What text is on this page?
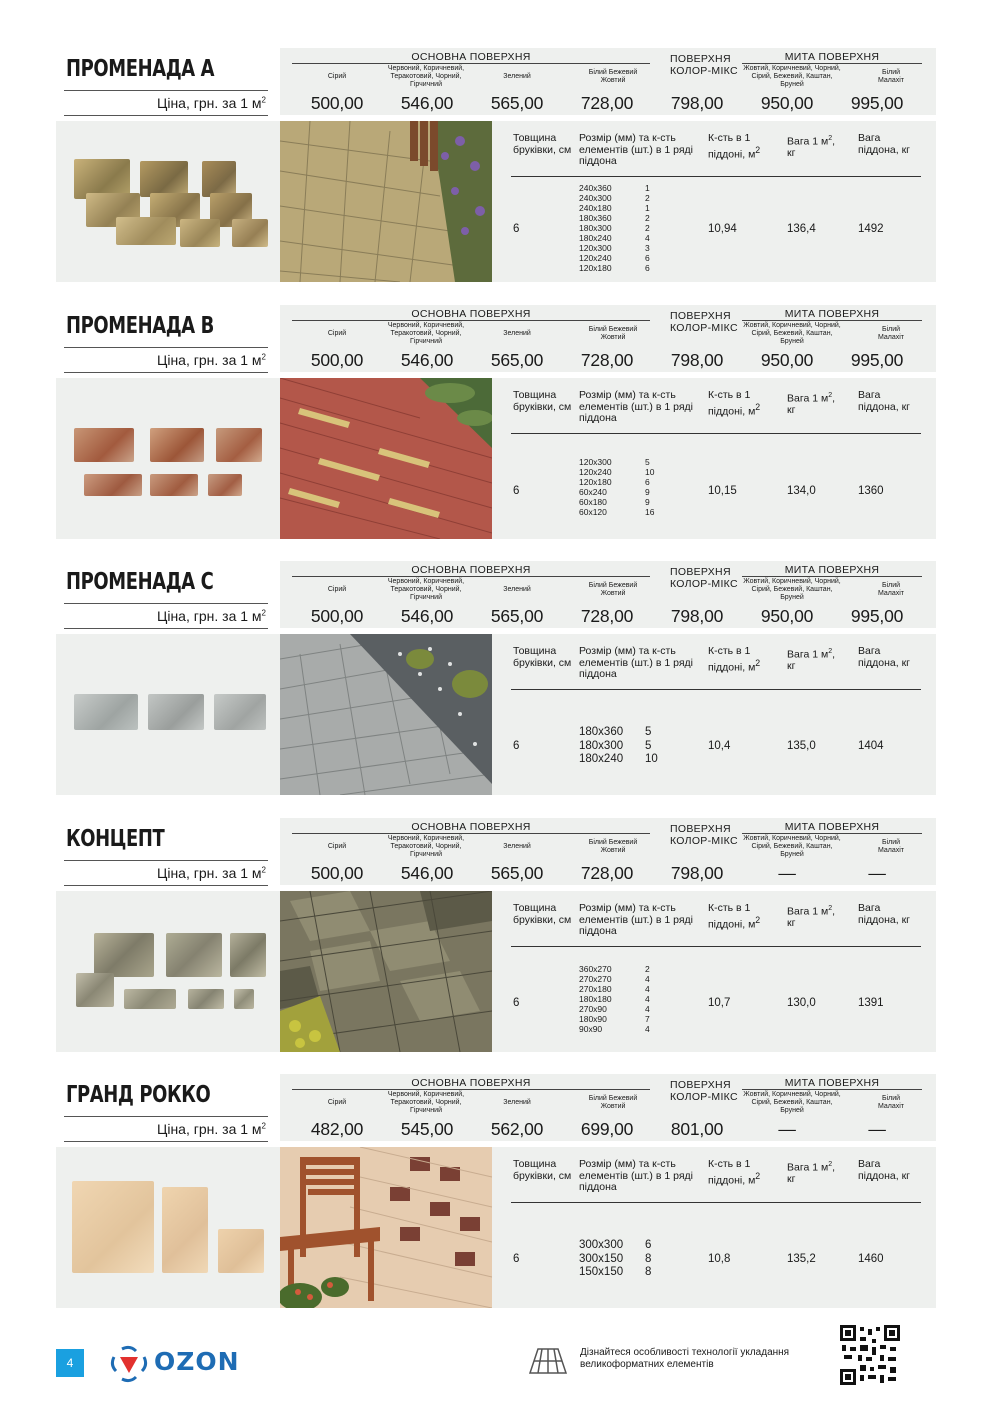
ПРОМЕНАДА А
Ціна, грн. за 1 $м^2$
ОСНОВНА ПОВЕРХНЯ
Сірий
Червоний, Коричневий, Теракотовий, Чорний, Гірчичний
Зелений
Білий Бежевий Жовтий
ПОВЕРХНЯ КОЛОР-МІКС
МИТА ПОВЕРХНЯ
Жовтий, Коричневий, Чорний, Сірий, Бежевий, Каштан, Бруней
Білий Малахіт
500,00	546,00	565,00	728,00	798,00	950,00	995,00
Товщина бруківки, см
Розмір (мм) та к-сть елементів (шт.) в 1 ряді піддона
К-сть в 1 піддоні, $м^2$
Вага 1 $м^2$, кг
Вага піддона, кг
6
240x360	1
240x300	2
240x180	1
180x360	2
180x300	2
180x240	4
120x300	3
120x240	6
120x180	6
10,94	136,4	1492
ПРОМЕНАДА В
Ціна, грн. за 1 $м^2$
ОСНОВНА ПОВЕРХНЯ
Сірий
Червоний, Коричневий, Теракотовий, Чорний, Гірчичний
Зелений
Білий Бежевий Жовтий
ПОВЕРХНЯ КОЛОР-МІКС
МИТА ПОВЕРХНЯ
Жовтий, Коричневий, Чорний, Сірий, Бежевий, Каштан, Бруней
Білий Малахіт
500,00	546,00	565,00	728,00	798,00	950,00	995,00
Товщина бруківки, см
Розмір (мм) та к-сть елементів (шт.) в 1 ряді піддона
К-сть в 1 піддоні, $м^2$
Вага 1 $м^2$, кг
Вага піддона, кг
6
120x300	5
120x240	10
120x180	6
60x240	9
60x180	9
60x120	16
10,15	134,0	1360
ПРОМЕНАДА С
Ціна, грн. за 1 $м^2$
ОСНОВНА ПОВЕРХНЯ
Сірий
Червоний, Коричневий, Теракотовий, Чорний, Гірчичний
Зелений
Білий Бежевий Жовтий
ПОВЕРХНЯ КОЛОР-МІКС
МИТА ПОВЕРХНЯ
Жовтий, Коричневий, Чорний, Сірий, Бежевий, Каштан, Бруней
Білий Малахіт
500,00	546,00	565,00	728,00	798,00	950,00	995,00
Товщина бруківки, см
Розмір (мм) та к-сть елементів (шт.) в 1 ряді піддона
К-сть в 1 піддоні, $м^2$
Вага 1 $м^2$, кг
Вага піддона, кг
6
180x360	5
180x300	5
180x240	10
10,4	135,0	1404
КОНЦЕПТ
Ціна, грн. за 1 $м^2$
ОСНОВНА ПОВЕРХНЯ
Сірий
Червоний, Коричневий, Теракотовий, Чорний, Гірчичний
Зелений
Білий Бежевий Жовтий
ПОВЕРХНЯ КОЛОР-МІКС
МИТА ПОВЕРХНЯ
Жовтий, Коричневий, Чорний, Сірий, Бежевий, Каштан, Бруней
Білий Малахіт
500,00	546,00	565,00	728,00	798,00	—	—
Товщина бруківки, см
Розмір (мм) та к-сть елементів (шт.) в 1 ряді піддона
К-сть в 1 піддоні, $м^2$
Вага 1 $м^2$, кг
Вага піддона, кг
6
360x270	2
270x270	4
270x180	4
180x180	4
270x90	4
180x90	7
90x90	4
10,7	130,0	1391
ГРАНД РОККО
Ціна, грн. за 1 $м^2$
ОСНОВНА ПОВЕРХНЯ
Сірий
Червоний, Коричневий, Теракотовий, Чорний, Гірчичний
Зелений
Білий Бежевий Жовтий
ПОВЕРХНЯ КОЛОР-МІКС
МИТА ПОВЕРХНЯ
Жовтий, Коричневий, Чорний, Сірий, Бежевий, Каштан, Бруней
Білий Малахіт
482,00	545,00	562,00	699,00	801,00	—	—
Товщина бруківки, см
Розмір (мм) та к-сть елементів (шт.) в 1 ряді піддона
К-сть в 1 піддоні, $м^2$
Вага 1 $м^2$, кг
Вага піддона, кг
6
300x300	6
300x150	8
150x150	8
10,8	135,2	1460
4	OZON	Дізнайтеся особливості технології укладання великоформатних елементів
